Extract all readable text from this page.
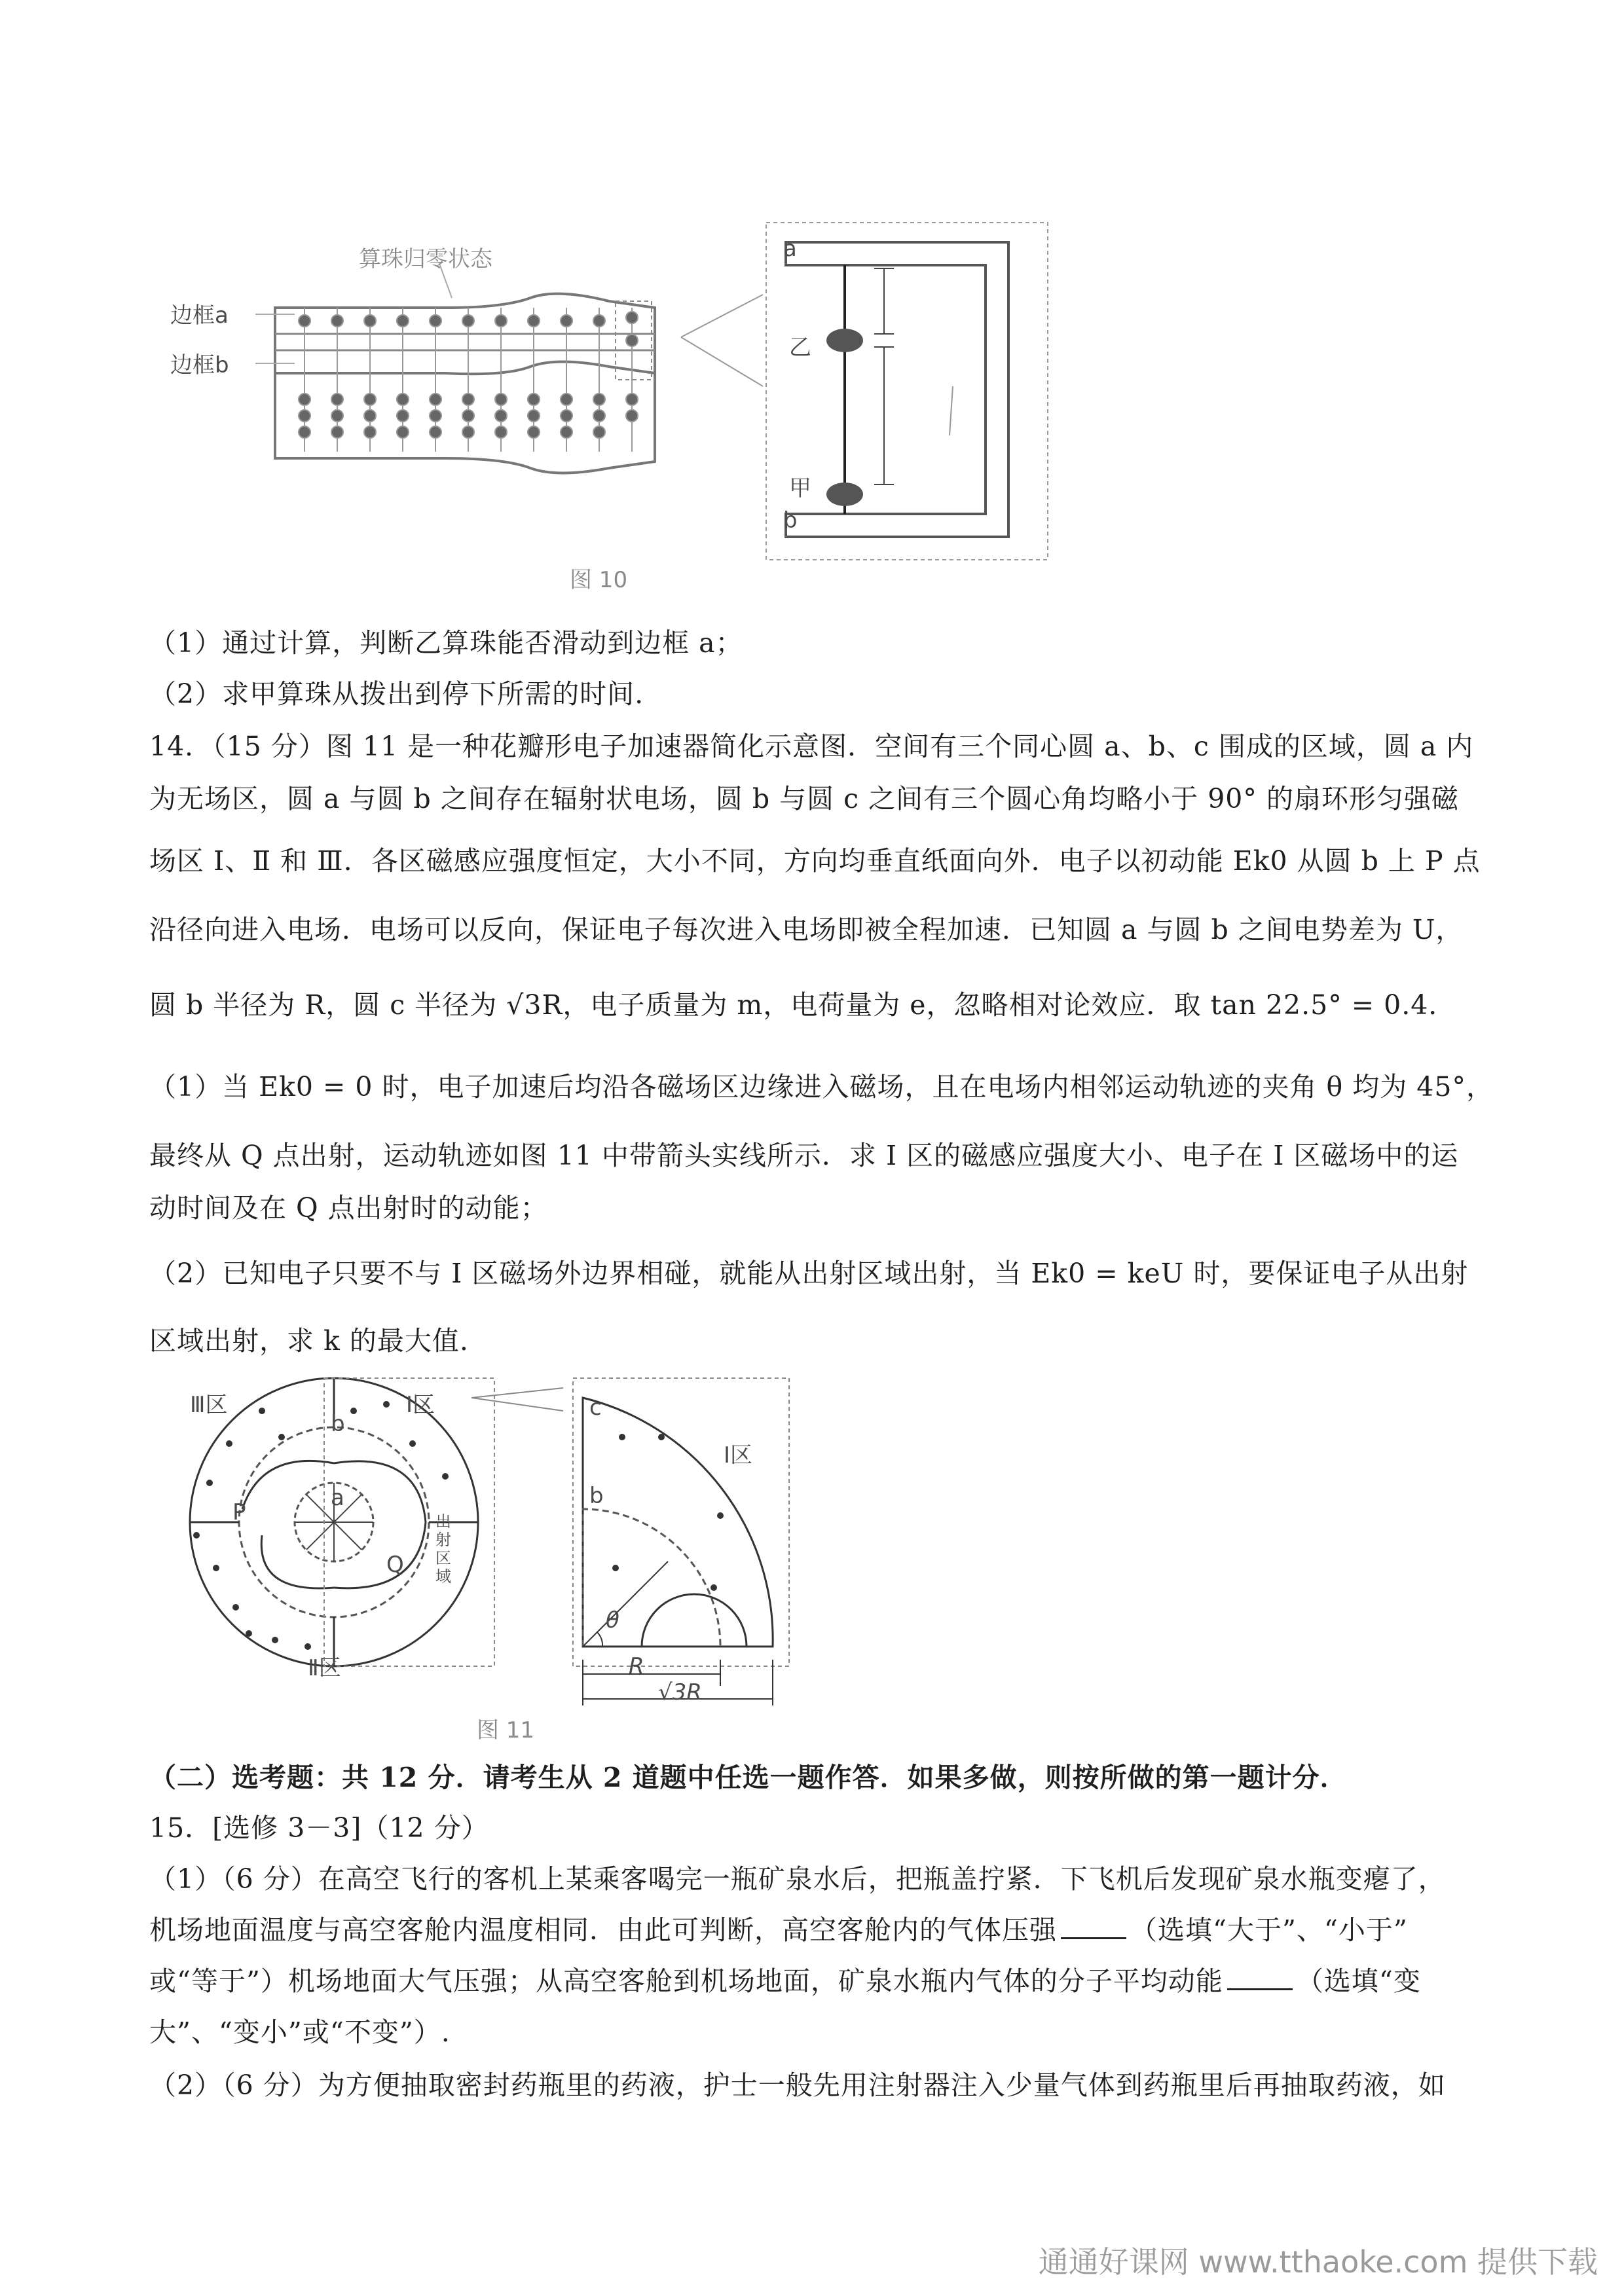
算珠归零状态
边框a
边框b
a
b
乙
甲
图 10
（1）通过计算，判断乙算珠能否滑动到边框 a；
（2）求甲算珠从拨出到停下所需的时间.
14．（15 分）图 11 是一种花瓣形电子加速器简化示意图．空间有三个同心圆 a、b、c 围成的区域，圆 a 内
为无场区，圆 a 与圆 b 之间存在辐射状电场，圆 b 与圆 c 之间有三个圆心角均略小于 90° 的扇环形匀强磁
场区 Ⅰ、Ⅱ 和 Ⅲ．各区磁感应强度恒定，大小不同，方向均垂直纸面向外．电子以初动能 Ek0 从圆 b 上 P 点
沿径向进入电场．电场可以反向，保证电子每次进入电场即被全程加速．已知圆 a 与圆 b 之间电势差为 U，
圆 b 半径为 R，圆 c 半径为 √3R，电子质量为 m，电荷量为 e，忽略相对论效应．取 tan 22.5° = 0.4．
（1）当 Ek0 = 0 时，电子加速后均沿各磁场区边缘进入磁场，且在电场内相邻运动轨迹的夹角 θ 均为 45°，
最终从 Q 点出射，运动轨迹如图 11 中带箭头实线所示．求 Ⅰ 区的磁感应强度大小、电子在 Ⅰ 区磁场中的运
动时间及在 Q 点出射时的动能；
（2）已知电子只要不与 Ⅰ 区磁场外边界相碰，就能从出射区域出射，当 Ek0 = keU 时，要保证电子从出射
区域出射，求 k 的最大值.
Ⅲ区	Ⅰ区
Ⅱ区
出射区域
P
Q
a
b
c
b
Ⅰ区
θ
R
√3R
图 11
（二）选考题：共 12 分．请考生从 2 道题中任选一题作答．如果多做，则按所做的第一题计分．
15．[选修 3－3]（12 分）
（1）（6 分）在高空飞行的客机上某乘客喝完一瓶矿泉水后，把瓶盖拧紧．下飞机后发现矿泉水瓶变瘪了，
机场地面温度与高空客舱内温度相同．由此可判断，高空客舱内的气体压强	（选填“大于”、“小于”
或“等于”）机场地面大气压强；从高空客舱到机场地面，矿泉水瓶内气体的分子平均动能	（选填“变
大”、“变小”或“不变”）.
（2）（6 分）为方便抽取密封药瓶里的药液，护士一般先用注射器注入少量气体到药瓶里后再抽取药液，如
通通好课网 www.tthaoke.com 提供下载
